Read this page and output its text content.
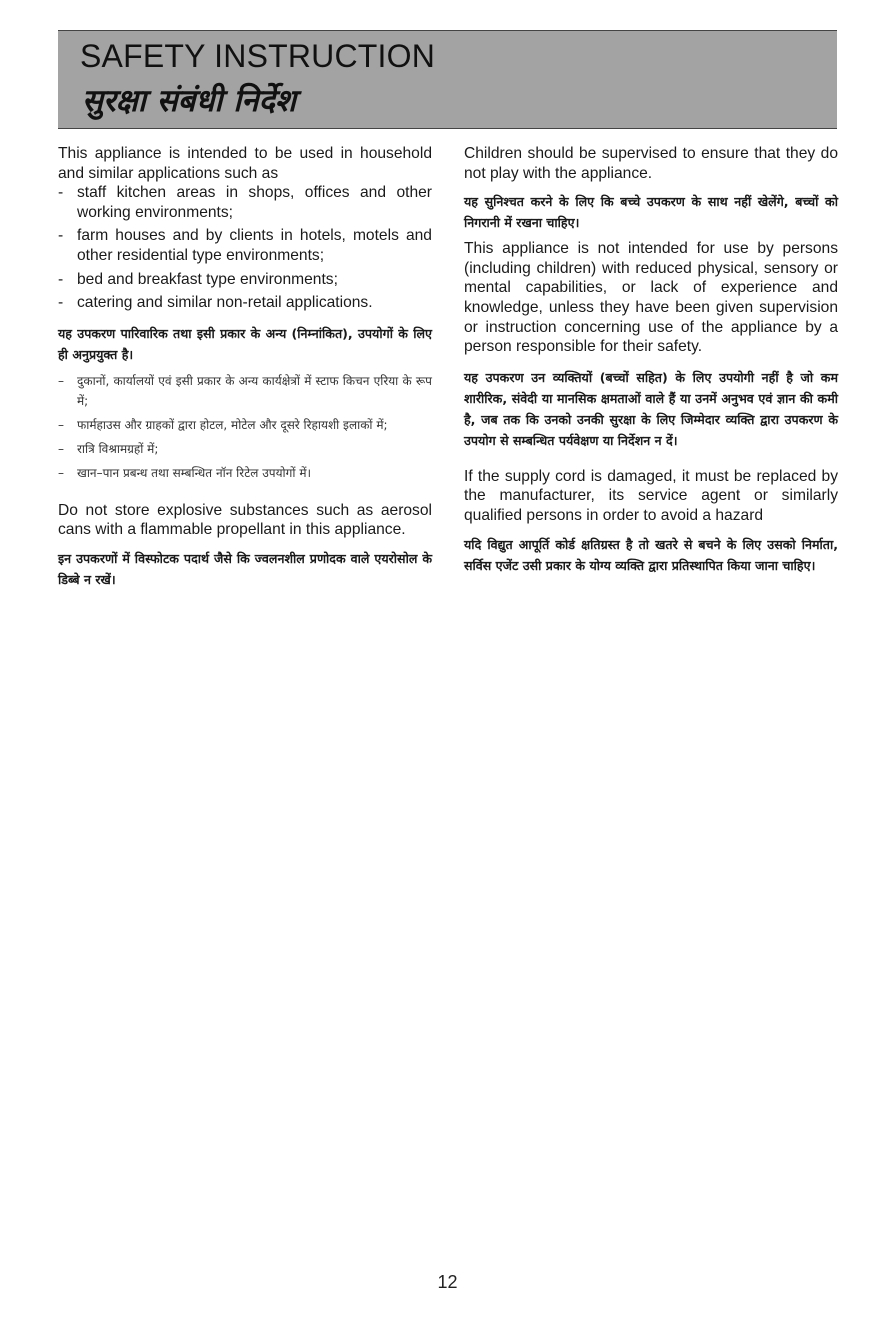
SAFETY INSTRUCTION
सुरक्षा संबंधी निर्देश

This appliance is intended to be used in household and similar applications such as

- staff kitchen areas in shops, offices and other working environments;
- farm houses and by clients in hotels, motels and other residential type environments;
- bed and breakfast type environments;
- catering and similar non-retail applications.

यह उपकरण पारिवारिक तथा इसी प्रकार के अन्य (निम्नांकित), उपयोगों के लिए ही अनुप्रयुक्त है।

– दुकानों, कार्यालयों एवं इसी प्रकार के अन्य कार्यक्षेत्रों में स्टाफ किचन एरिया के रूप में;
– फार्महाउस और ग्राहकों द्वारा होटल, मोटेल और दूसरे रिहायशी इलाकों में;
– रात्रि विश्रामग्रहों में;
– खान–पान प्रबन्ध तथा सम्बन्धित नॉन रिटेल उपयोगों में।

Do not store explosive substances such as aerosol cans with a flammable propellant in this appliance.

इन उपकरणों में विस्फोटक पदार्थ जैसे कि ज्वलनशील प्रणोदक वाले एयरोसोल के डिब्बे न रखें।

Children should be supervised to ensure that they do not play with the appliance.

यह सुनिश्चत करने के लिए कि बच्चे उपकरण के साथ नहीं खेलेंगे, बच्चों को निगरानी में रखना चाहिए।

This appliance is not intended for use by persons (including children) with reduced physical, sensory or mental capabilities, or lack of experience and knowledge, unless they have been given supervision or instruction concerning use of the appliance by a person responsible for their safety.

यह उपकरण उन व्यक्तियों (बच्चों सहित) के लिए उपयोगी नहीं है जो कम शारीरिक, संवेदी या मानसिक क्षमताओं वाले हैं या उनमें अनुभव एवं ज्ञान की कमी है, जब तक कि उनको उनकी सुरक्षा के लिए जिम्मेदार व्यक्ति द्वारा उपकरण के उपयोग से सम्बन्धित पर्यवेक्षण या निर्देशन न दें।

If the supply cord is damaged, it must be replaced by the manufacturer, its service agent or similarly qualified persons in order to avoid a hazard

यदि विद्युत आपूर्ति कोर्ड क्षतिग्रस्त है तो खतरे से बचने के लिए उसको निर्माता, सर्विस एजेंट उसी प्रकार के योग्य व्यक्ति द्वारा प्रतिस्थापित किया जाना चाहिए।

12
